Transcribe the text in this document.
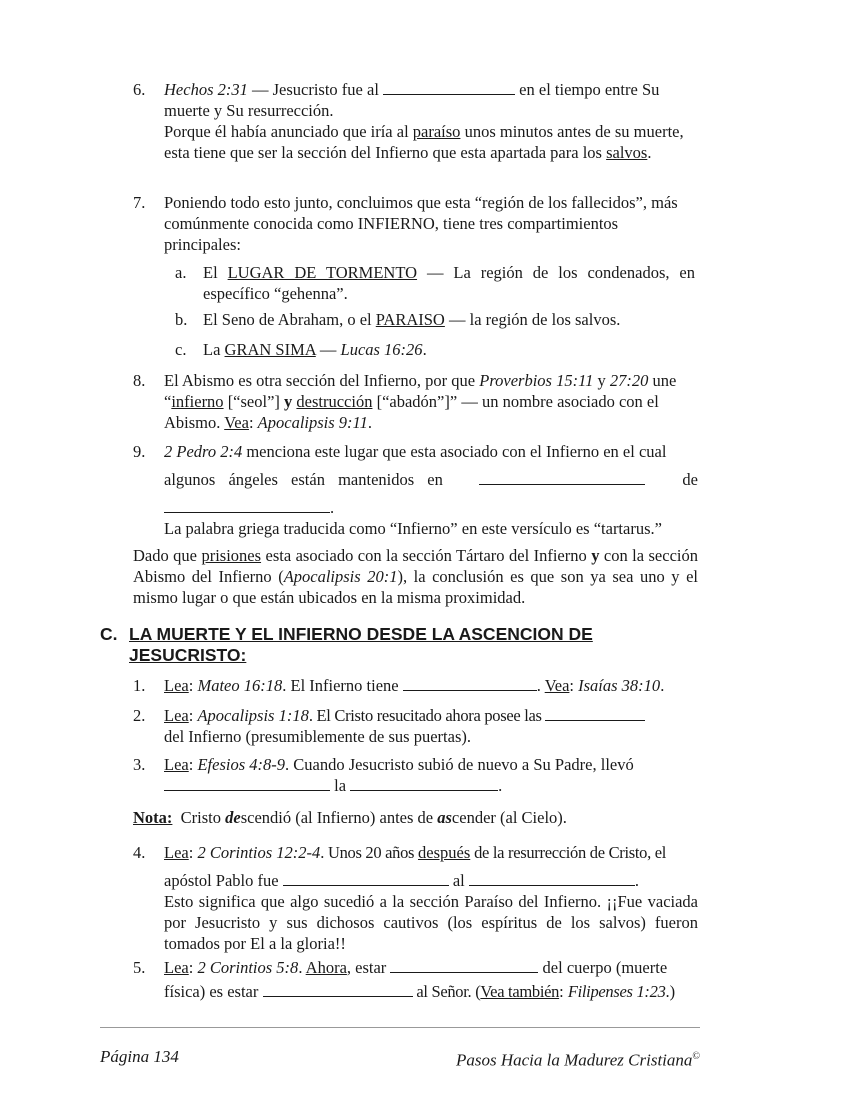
6. Hechos 2:31 — Jesucristo fue al	en el tiempo entre Su muerte y Su resurrección.

Porque él había anunciado que iría al paraíso unos minutos antes de su muerte, esta tiene que ser la sección del Infierno que esta apartada para los salvos.

7. Poniendo todo esto junto, concluimos que esta “región de los fallecidos”, más comúnmente conocida como INFIERNO, tiene tres compartimientos principales:

a. El LUGAR DE TORMENTO — La región de los condenados, en específico “gehenna”.
b. El Seno de Abraham, o el PARAISO — la región de los salvos.
c. La GRAN SIMA — Lucas 16:26.
8. El Abismo es otra sección del Infierno, por que Proverbios 15:11 y 27:20 une “infierno [“seol”] y destrucción [“abadón”]” — un nombre asociado con el Abismo. Vea: Apocalipsis 9:11.

9. 2 Pedro 2:4 menciona este lugar que esta asociado con el Infierno en el cual

algunos ángeles están mantenidos en	de

.

La palabra griega traducida como “Infierno” en este versículo es “tartarus.”

Dado que prisiones esta asociado con la sección Tártaro del Infierno y con la sección Abismo del Infierno (Apocalipsis 20:1), la conclusión es que son ya sea uno y el mismo lugar o que están ubicados en la misma proximidad.
C. LA MUERTE Y EL INFIERNO DESDE LA ASCENCION DE JESUCRISTO:
1. Lea: Mateo 16:18. El Infierno tiene	. Vea: Isaías 38:10.

2. Lea: Apocalipsis 1:18. El Cristo resucitado ahora posee las
del Infierno (presumiblemente de sus puertas).

3. Lea: Efesios 4:8-9. Cuando Jesucristo subió de nuevo a Su Padre, llevó
la	.

Nota:  Cristo descendió (al Infierno) antes de ascender (al Cielo).
4. Lea: 2 Corintios 12:2-4. Unos 20 años después de la resurrección de Cristo, el

apóstol Pablo fue	al	.

Esto significa que algo sucedió a la sección Paraíso del Infierno. ¡¡Fue vaciada por Jesucristo y sus dichosos cautivos (los espíritus de los salvos) fueron tomados por El a la gloria!!

5. Lea: 2 Corintios 5:8. Ahora, estar	del cuerpo (muerte

física) es estar	al Señor. (Vea también: Filipenses 1:23.)

Página 134	Pasos Hacia la Madurez Cristiana©
